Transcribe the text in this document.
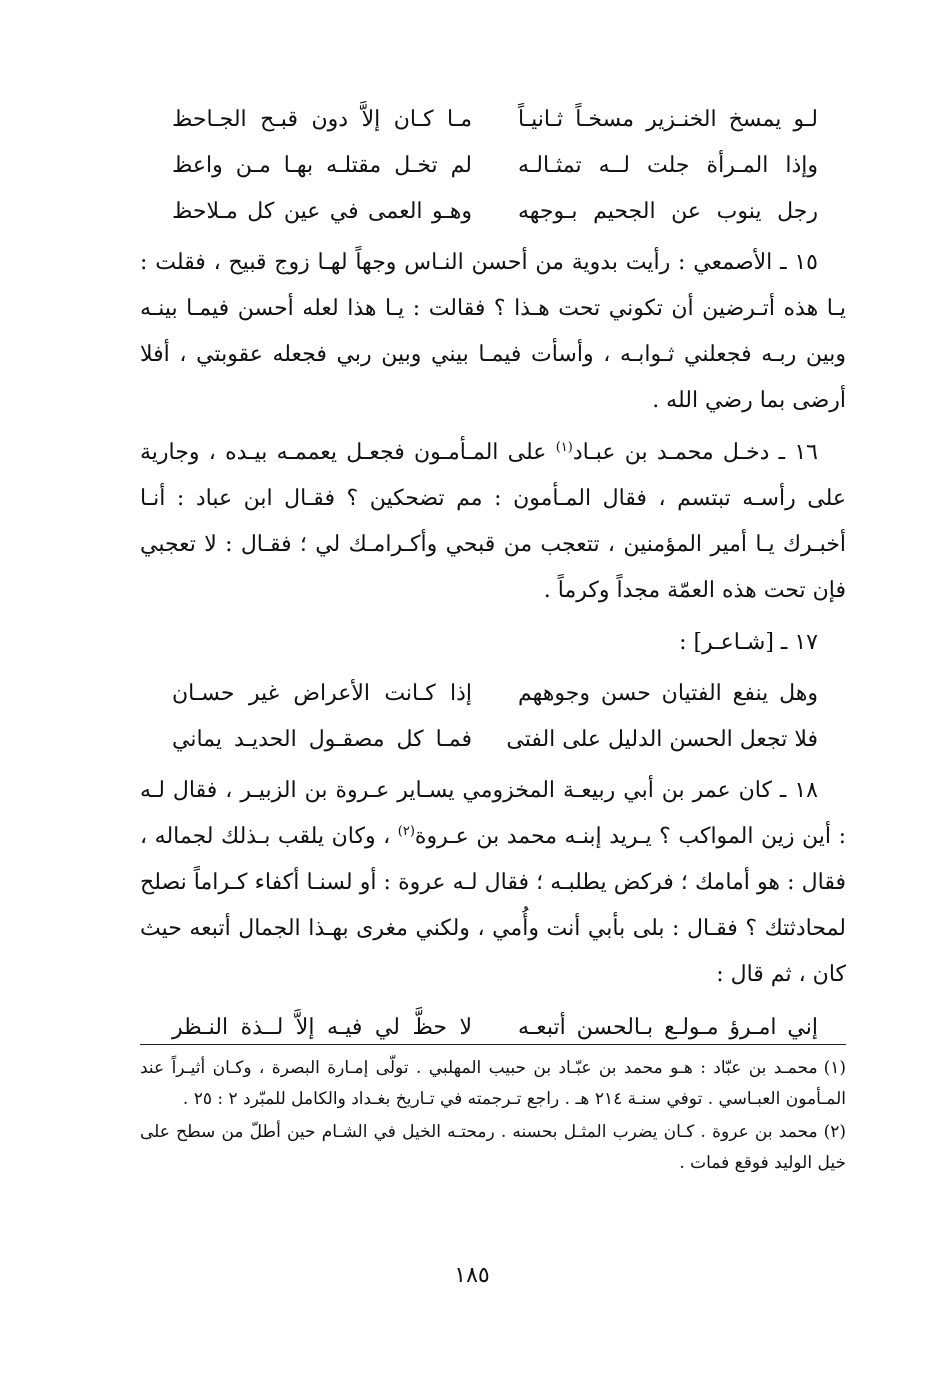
لـو يمسخ الخنـزير مسخـاً ثـانيـاً
مـا كـان إلاَّ دون قبـح الجـاحظ
وإذا المـرأة جلت لــه تمثـالـه
لم تخـل مقتلـه بهـا مـن واعظ
رجل ينوب عن الجحيم بـوجهه
وهـو العمى في عين كل مـلاحظ

١٥ ـ الأصمعي : رأيت بدوية من أحسن النـاس وجهاً لهـا زوج قبيح ، فقلت : يـا هذه أتـرضين أن تكوني تحت هـذا ؟ فقالت : يـا هذا لعله أحسن فيمـا بينـه وبين ربـه فجعلني ثـوابـه ، وأسأت فيمـا بيني وبين ربي فجعله عقوبتي ، أفلا أرضى بما رضي الله .

١٦ ـ دخـل محمـد بن عبـاد$^{(١)}$ على المـأمـون فجعـل يعممـه بيـده ، وجارية على رأسـه تبتسم ، فقال المـأمون : مم تضحكين ؟ فقـال ابن عباد : أنـا أخبـرك يـا أمير المؤمنين ، تتعجب من قبحي وأكـرامـك لي ؛ فقـال : لا تعجبي فإن تحت هذه العمّة مجداً وكرماً .

١٧ ـ [شـاعـر] :

وهل ينفع الفتيان حسن وجوههم
إذا كـانت الأعراض غير حسـان
فلا تجعل الحسن الدليل على الفتى
فمـا كل مصقـول الحديـد يماني

١٨ ـ كان عمر بن أبي ربيعـة المخزومي يسـاير عـروة بن الزبيـر ، فقال لـه : أين زين المواكب ؟ يـريد إبنـه محمد بن عـروة$^{(٢)}$ ، وكان يلقب بـذلك لجماله ، فقال : هو أمامك ؛ فركض يطلبـه ؛ فقال لـه عروة : أو لسنـا أكفاء كـراماً نصلح لمحادثتك ؟ فقـال : بلى بأبي أنت وأُمي ، ولكني مغرى بهـذا الجمال أتبعه حيث كان ، ثم قال :

إني امـرؤ مـولـع بـالحسن أتبعـه
لا حظَّ لي فيـه إلاَّ لــذة النـظر

(١)محمـد بن عبّاد : هـو محمد بن عبّـاد بن حبيب المهلبي . تولّى إمـارة البصرة ، وكـان أثيـراً عند المـأمون العبـاسي . توفي سنـة ٢١٤ هـ . راجع تـرجمته في تـاريخ بغـداد والكامل للمبّرد ٢ : ٢٥ .

(٢)محمد بن عروة . كـان يضرب المثـل بحسنه . رمحتـه الخيل في الشـام حين أطلّ من سطح على خيل الوليد فوقع فمات .

١٨٥
